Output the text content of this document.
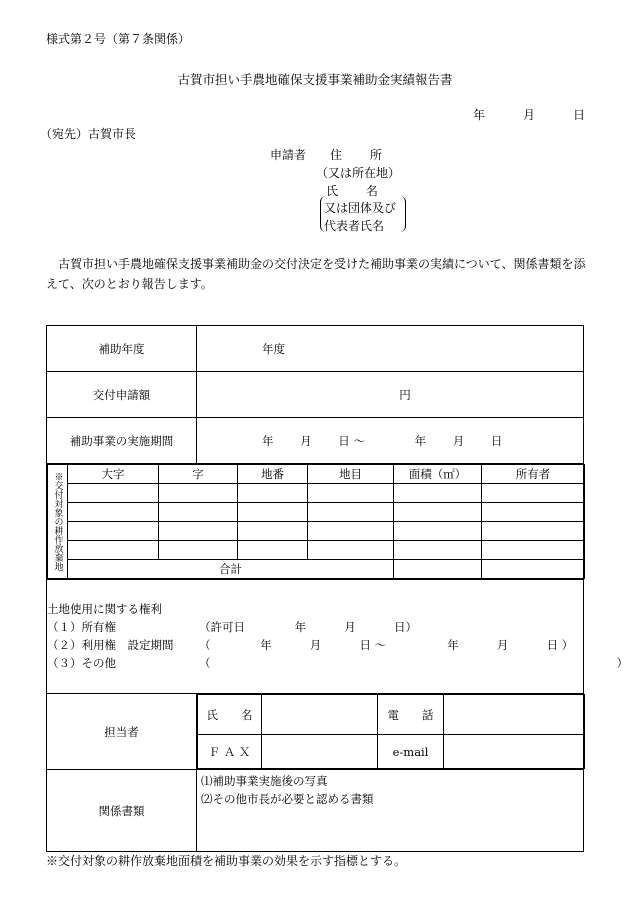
様式第２号（第７条関係）
古賀市担い手農地確保支援事業補助金実績報告書
年	月	日
（宛先）古賀市長
申請者 住　　 所
（又は所在地）
氏　　 名
又は団体及び
代表者氏名
古賀市担い手農地確保支援事業補助金の交付決定を受けた補助事業の実績について、関係書類を添えて、次のとおり報告します。
補助年度	年度
交付申請額	円
補助事業の実施期間	年　　 月　　 日 ～　　　　 年　　 月　　 日

※交付対象の耕作放棄地	大字	字	地番	地目	面積（㎡）	所有者

合計		

土地使用に関する権利
（１）所有権	（許可日　　　　 年　　　 月　　　 日）
（２）利用権　設定期間 （　　　　 年　　　 月　　　 日 ～　　　　　 年　　　 月　　　 日 ）
（３）その他	（　　　　　　　　　　　　　　　　　　　　　　　　　　　　　　　　　　　 ）

担当者	
氏　　名		電　　話	
Ｆ Ａ Ｘ		e-mail	

関係書類	
⑴補助事業実施後の写真
⑵その他市長が必要と認める書類
※交付対象の耕作放棄地面積を補助事業の効果を示す指標とする。
